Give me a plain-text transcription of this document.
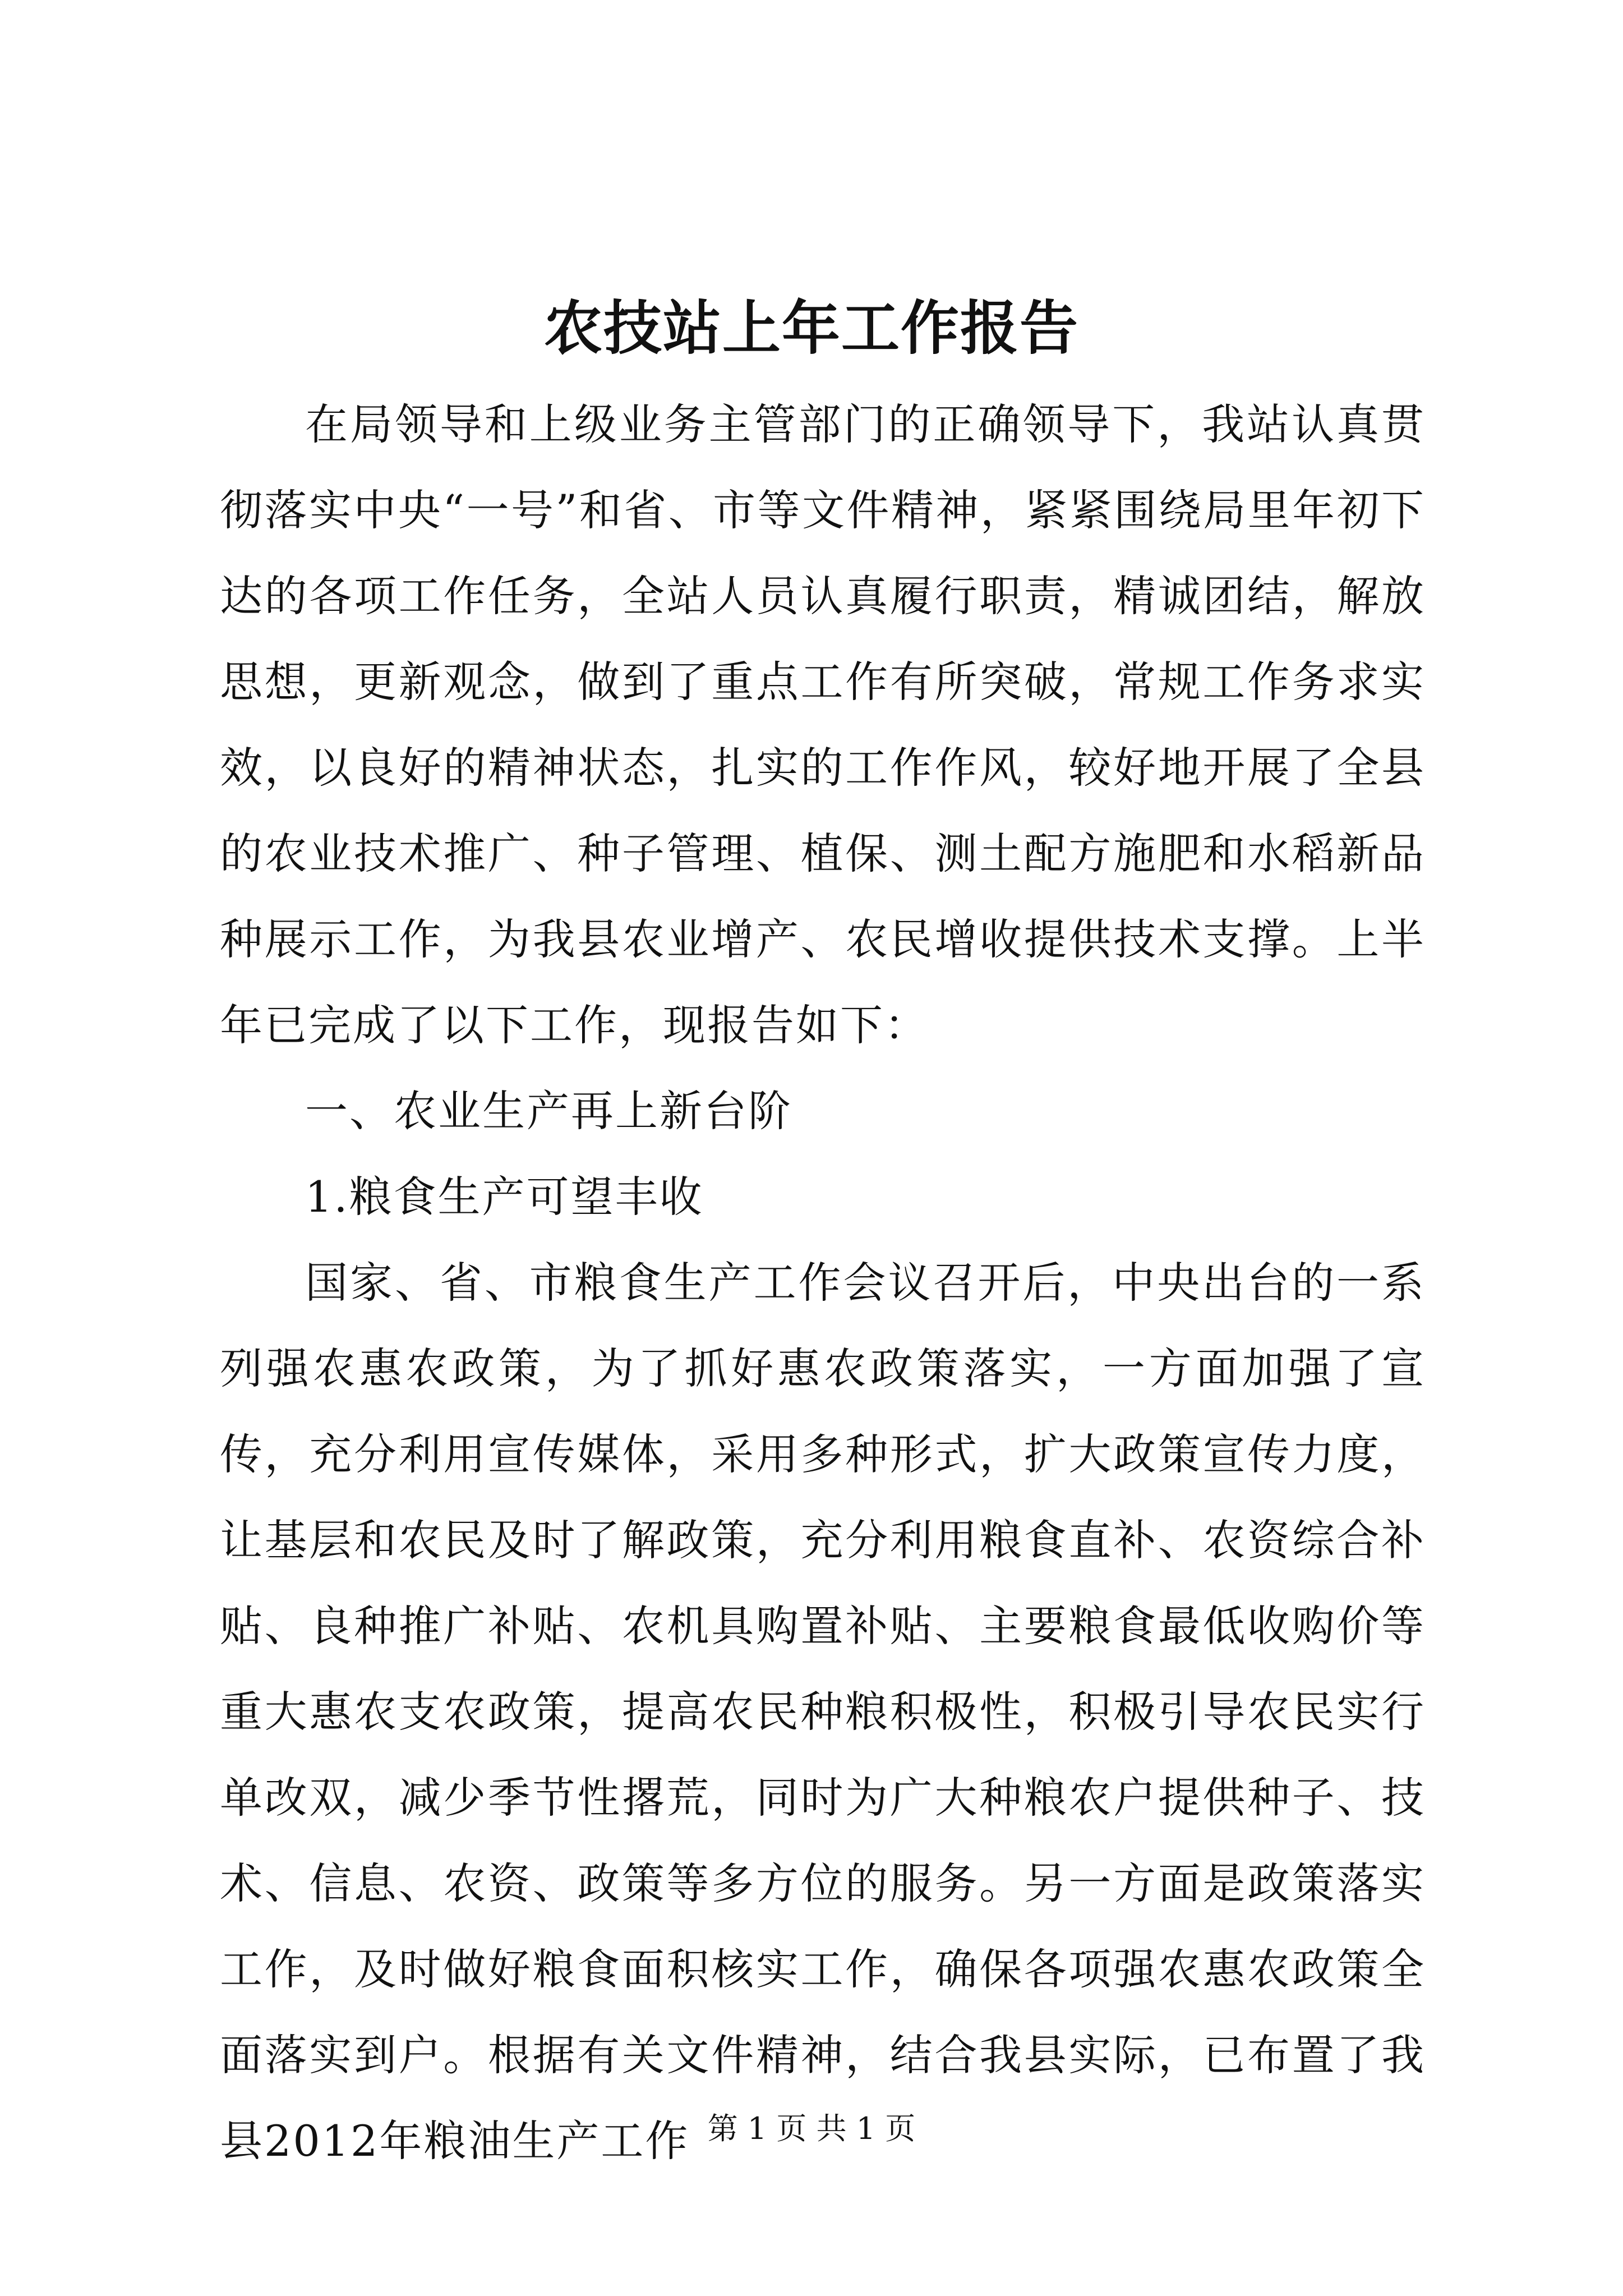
农技站上年工作报告

在局领导和上级业务主管部门的正确领导下，我站认真贯彻落实中央“一号”和省、市等文件精神，紧紧围绕局里年初下达的各项工作任务，全站人员认真履行职责，精诚团结，解放思想，更新观念，做到了重点工作有所突破，常规工作务求实效，以良好的精神状态，扎实的工作作风，较好地开展了全县的农业技术推广、种子管理、植保、测土配方施肥和水稻新品种展示工作，为我县农业增产、农民增收提供技术支撑。上半年已完成了以下工作，现报告如下：

一、农业生产再上新台阶

1.粮食生产可望丰收

国家、省、市粮食生产工作会议召开后，中央出台的一系列强农惠农政策，为了抓好惠农政策落实，一方面加强了宣传，充分利用宣传媒体，采用多种形式，扩大政策宣传力度，让基层和农民及时了解政策，充分利用粮食直补、农资综合补贴、良种推广补贴、农机具购置补贴、主要粮食最低收购价等重大惠农支农政策，提高农民种粮积极性，积极引导农民实行单改双，减少季节性撂荒，同时为广大种粮农户提供种子、技术、信息、农资、政策等多方位的服务。另一方面是政策落实工作，及时做好粮食面积核实工作，确保各项强农惠农政策全面落实到户。根据有关文件精神，结合我县实际，已布置了我县2012年粮油生产工作 第 1 页 共 1 页
